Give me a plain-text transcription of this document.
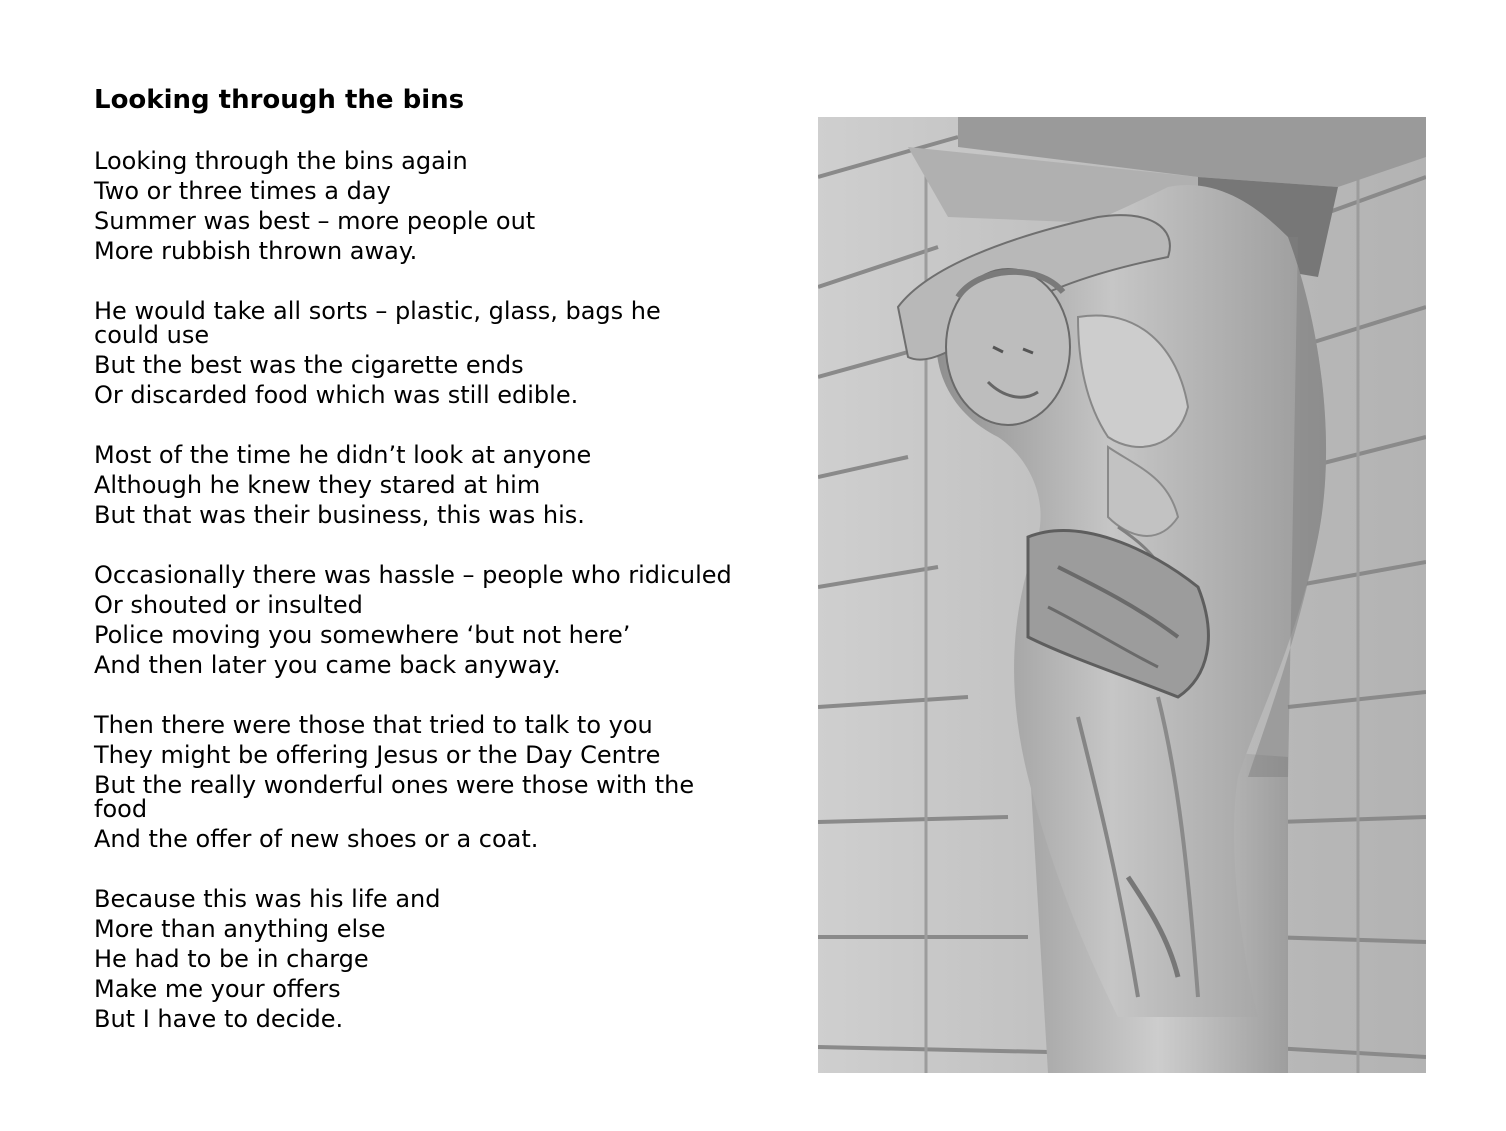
Looking through the bins
Looking through the bins again
Two or three times a day
Summer was best – more people out
More rubbish thrown away.
He would take all sorts – plastic, glass, bags he could use
But the best was the cigarette ends
Or discarded food which was still edible.
Most of the time he didn’t look at anyone
Although he knew they stared at him
But that was their business, this was his.
Occasionally there was hassle – people who ridiculed
Or shouted or insulted
Police moving you somewhere ‘but not here’
And then later you came back anyway.
Then there were those that tried to talk to you
They might be offering Jesus or the Day Centre
But the really wonderful ones were those with the food
And the offer of new shoes or a coat.
Because this was his life and
More than anything else
He had to be in charge
Make me your offers
But I have to decide.
